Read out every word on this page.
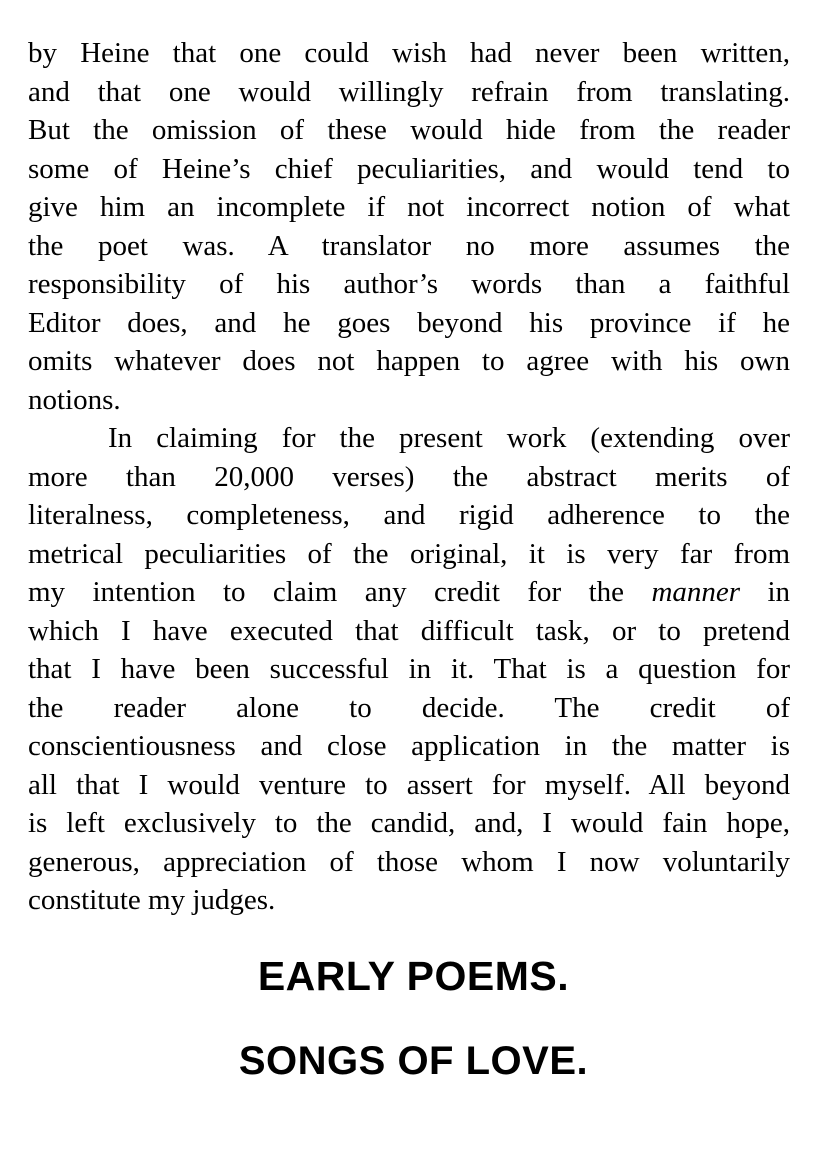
by Heine that one could wish had never been written,
and that one would willingly refrain from translating.
But the omission of these would hide from the reader
some of Heine’s chief peculiarities, and would tend to
give him an incomplete if not incorrect notion of what
the poet was. A translator no more assumes the
responsibility of his author’s words than a faithful
Editor does, and he goes beyond his province if he
omits whatever does not happen to agree with his own
notions.
In claiming for the present work (extending over
more than 20,000 verses) the abstract merits of
literalness, completeness, and rigid adherence to the
metrical peculiarities of the original, it is very far from
my intention to claim any credit for the manner in
which I have executed that difficult task, or to pretend
that I have been successful in it. That is a question for
the reader alone to decide. The credit of
conscientiousness and close application in the matter is
all that I would venture to assert for myself. All beyond
is left exclusively to the candid, and, I would fain hope,
generous, appreciation of those whom I now voluntarily
constitute my judges.
EARLY POEMS.
SONGS OF LOVE.
